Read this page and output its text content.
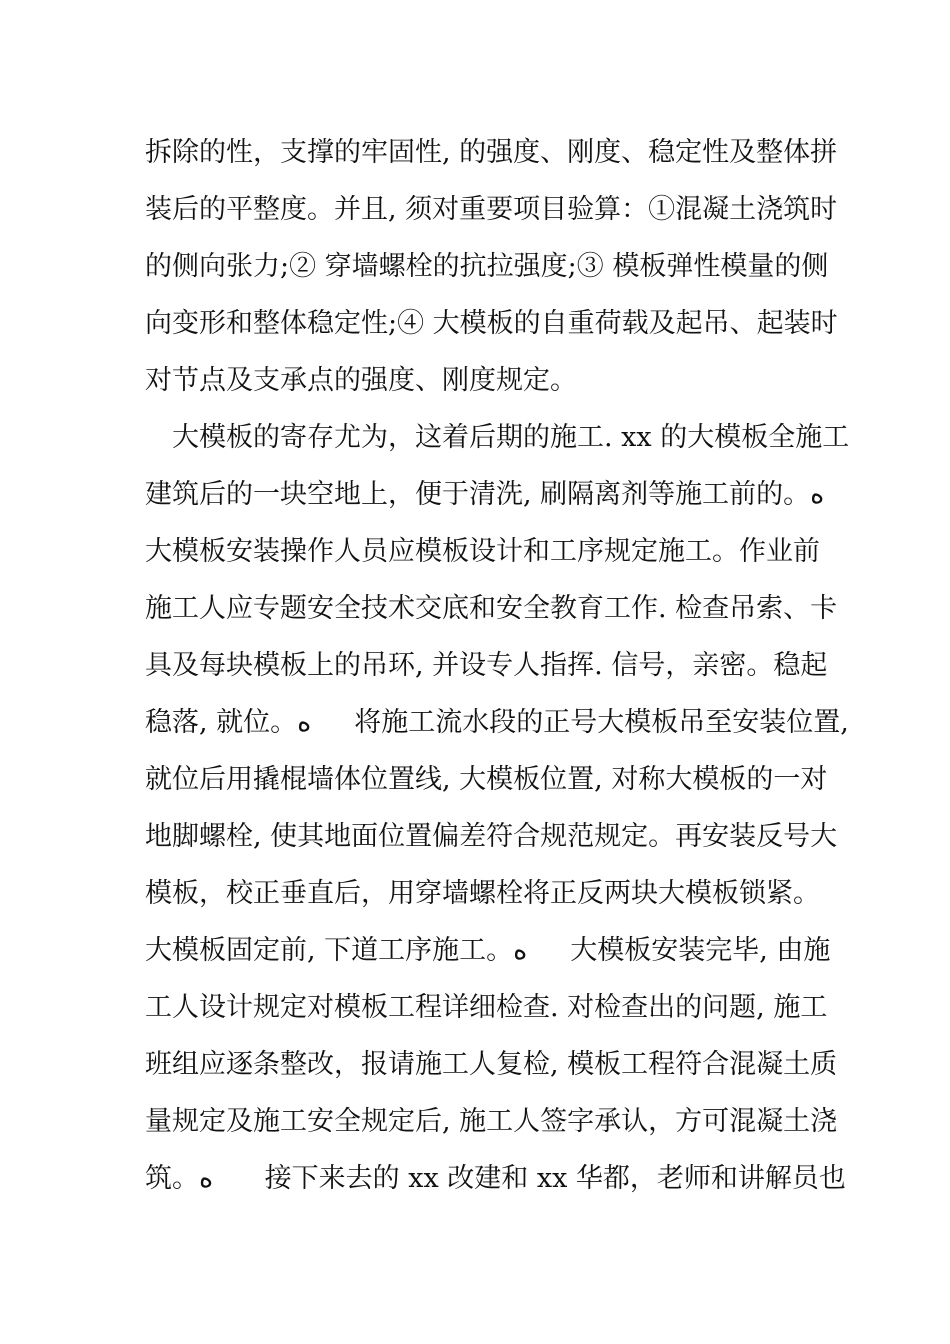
拆除的性，支撑的牢固性, 的强度、刚度、稳定性及整体拼
装后的平整度。并且, 须对重要项目验算：①混凝土浇筑时
的侧向张力;② 穿墙螺栓的抗拉强度;③ 模板弹性模量的侧
向变形和整体稳定性;④ 大模板的自重荷载及起吊、起装时
对节点及支承点的强度、刚度规定。
大模板的寄存尤为，这着后期的施工. xx 的大模板全施工
建筑后的一块空地上，便于清洗, 刷隔离剂等施工前的。ه
大模板安装操作人员应模板设计和工序规定施工。作业前
施工人应专题安全技术交底和安全教育工作. 检查吊索、卡
具及每块模板上的吊环, 并设专人指挥. 信号，亲密。稳起
稳落, 就位。ه     将施工流水段的正号大模板吊至安装位置,
就位后用撬棍墙体位置线, 大模板位置, 对称大模板的一对
地脚螺栓, 使其地面位置偏差符合规范规定。再安装反号大
模板，校正垂直后，用穿墙螺栓将正反两块大模板锁紧。
大模板固定前, 下道工序施工。ه     大模板安装完毕, 由施
工人设计规定对模板工程详细检查. 对检查出的问题, 施工
班组应逐条整改，报请施工人复检, 模板工程符合混凝土质
量规定及施工安全规定后, 施工人签字承认，方可混凝土浇
筑。ه      接下来去的 xx 改建和 xx 华都，老师和讲解员也
